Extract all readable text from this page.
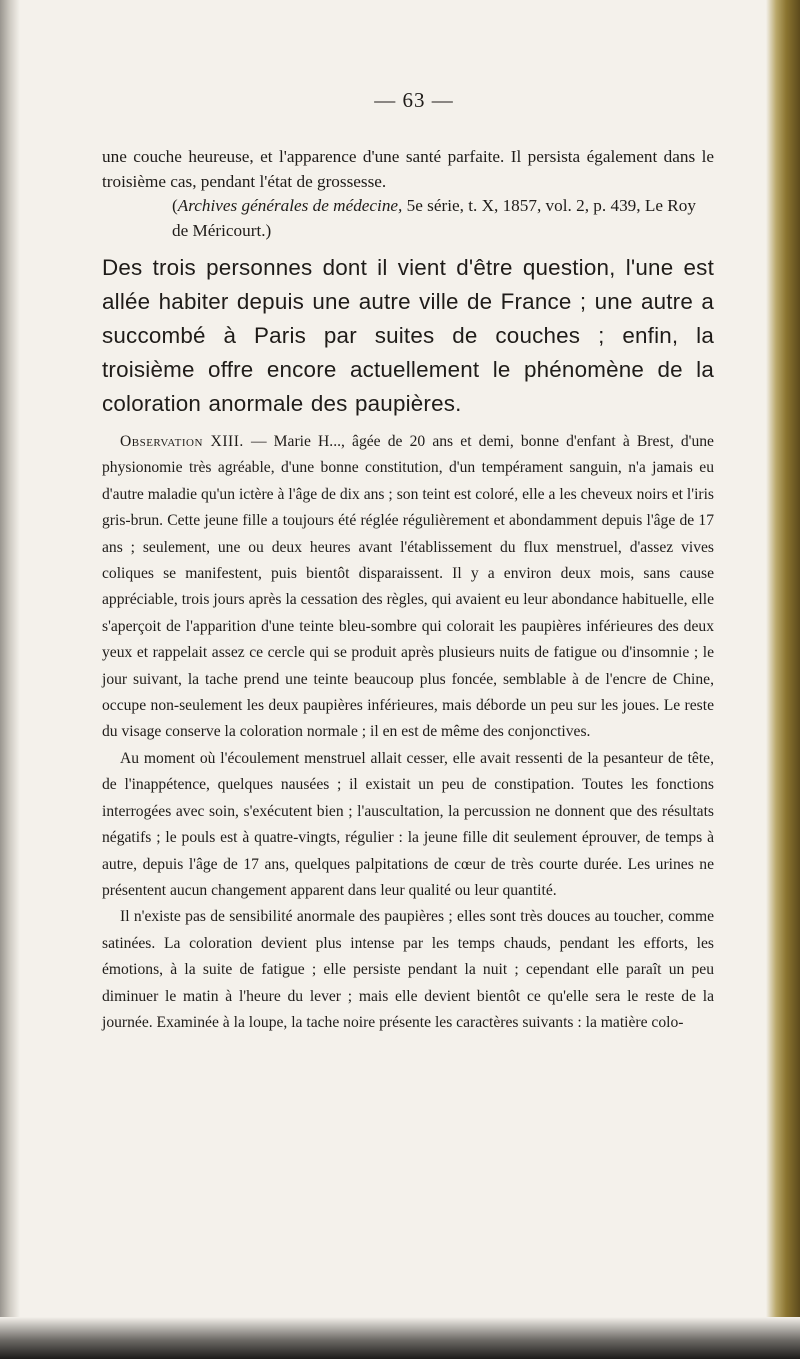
— 63 —

une couche heureuse, et l'apparence d'une santé parfaite. Il persista également dans le troisième cas, pendant l'état de grossesse.

(Archives générales de médecine, 5e série, t. X, 1857, vol. 2, p. 439, Le Roy de Méricourt.)

Des trois personnes dont il vient d'être question, l'une est allée habiter depuis une autre ville de France ; une autre a succombé à Paris par suites de couches ; enfin, la troisième offre encore actuellement le phénomène de la coloration anormale des paupières.

Observation XIII. — Marie H..., âgée de 20 ans et demi, bonne d'enfant à Brest, d'une physionomie très agréable, d'une bonne constitution, d'un tempérament sanguin, n'a jamais eu d'autre maladie qu'un ictère à l'âge de dix ans ; son teint est coloré, elle a les cheveux noirs et l'iris gris-brun. Cette jeune fille a toujours été réglée régulièrement et abondamment depuis l'âge de 17 ans ; seulement, une ou deux heures avant l'établissement du flux menstruel, d'assez vives coliques se manifestent, puis bientôt disparaissent. Il y a environ deux mois, sans cause appréciable, trois jours après la cessation des règles, qui avaient eu leur abondance habituelle, elle s'aperçoit de l'apparition d'une teinte bleu-sombre qui colorait les paupières inférieures des deux yeux et rappelait assez ce cercle qui se produit après plusieurs nuits de fatigue ou d'insomnie ; le jour suivant, la tache prend une teinte beaucoup plus foncée, semblable à de l'encre de Chine, occupe non-seulement les deux paupières inférieures, mais déborde un peu sur les joues. Le reste du visage conserve la coloration normale ; il en est de même des conjonctives.

Au moment où l'écoulement menstruel allait cesser, elle avait ressenti de la pesanteur de tête, de l'inappétence, quelques nausées ; il existait un peu de constipation. Toutes les fonctions interrogées avec soin, s'exécutent bien ; l'auscultation, la percussion ne donnent que des résultats négatifs ; le pouls est à quatre-vingts, régulier : la jeune fille dit seulement éprouver, de temps à autre, depuis l'âge de 17 ans, quelques palpitations de cœur de très courte durée. Les urines ne présentent aucun changement apparent dans leur qualité ou leur quantité.

Il n'existe pas de sensibilité anormale des paupières ; elles sont très douces au toucher, comme satinées. La coloration devient plus intense par les temps chauds, pendant les efforts, les émotions, à la suite de fatigue ; elle persiste pendant la nuit ; cependant elle paraît un peu diminuer le matin à l'heure du lever ; mais elle devient bientôt ce qu'elle sera le reste de la journée. Examinée à la loupe, la tache noire présente les caractères suivants : la matière colo-
